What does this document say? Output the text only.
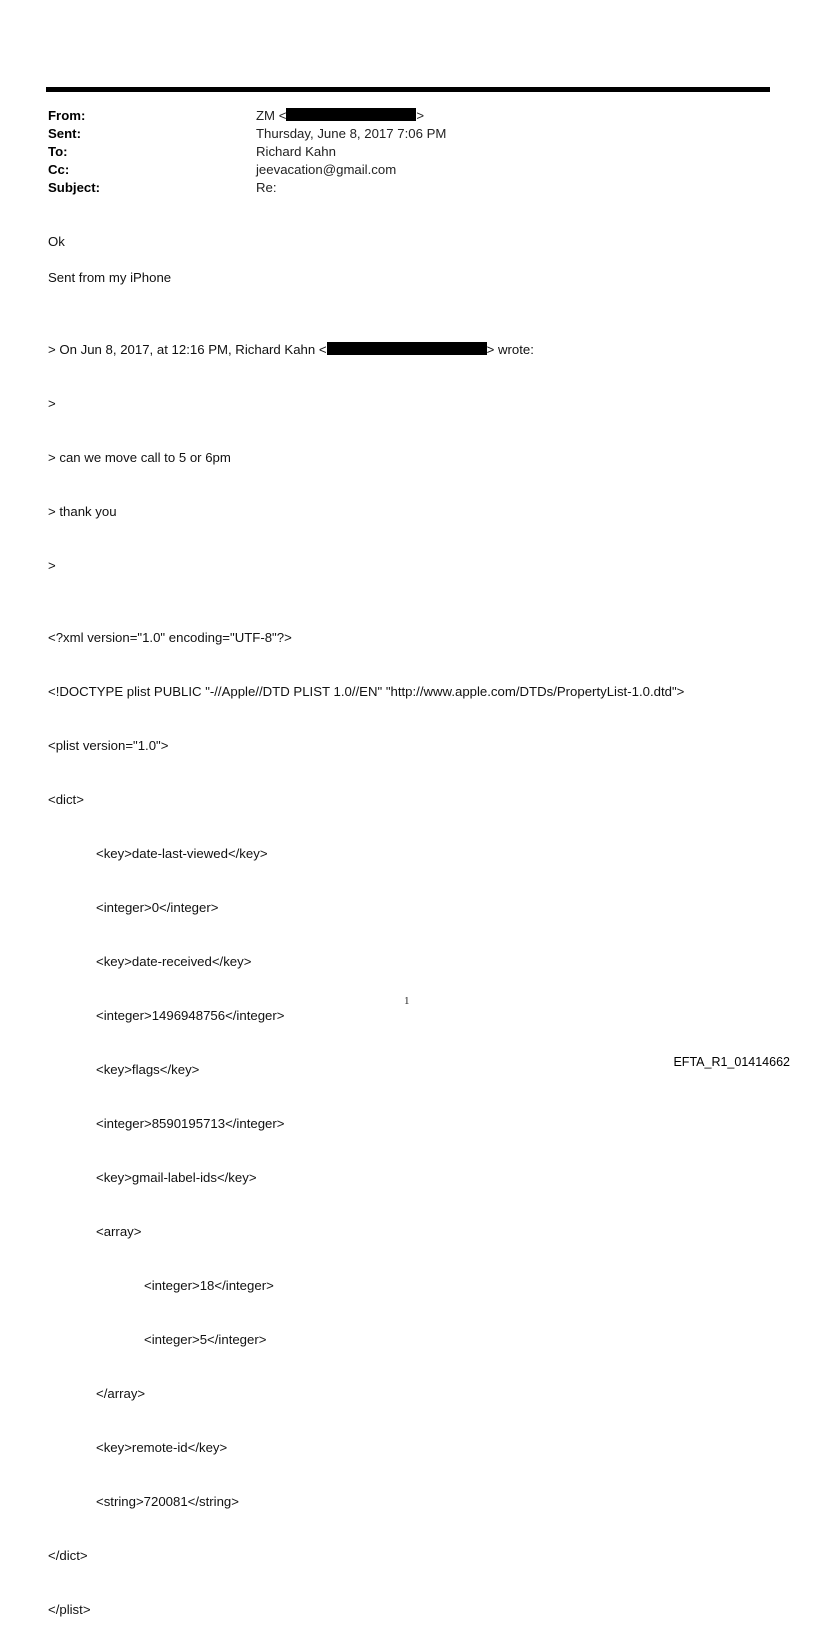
From:	ZM <	>
Sent:	Thursday, June 8, 2017 7:06 PM
To:	Richard Kahn
Cc:	jeevacation@gmail.com
Subject:	Re:
Ok
Sent from my iPhone

> On Jun 8, 2017, at 12:16 PM, Richard Kahn <	> wrote:

>

> can we move call to 5 or 6pm

> thank you

>

<?xml version="1.0" encoding="UTF-8"?>

<!DOCTYPE plist PUBLIC "-//Apple//DTD PLIST 1.0//EN" "http://www.apple.com/DTDs/PropertyList-1.0.dtd">

<plist version="1.0">

<dict>

<key>date-last-viewed</key>

<integer>0</integer>

<key>date-received</key>

<integer>1496948756</integer>

<key>flags</key>

<integer>8590195713</integer>

<key>gmail-label-ids</key>

<array>

<integer>18</integer>

<integer>5</integer>

</array>

<key>remote-id</key>

<string>720081</string>

</dict>

</plist>

1
EFTA_R1_01414662
